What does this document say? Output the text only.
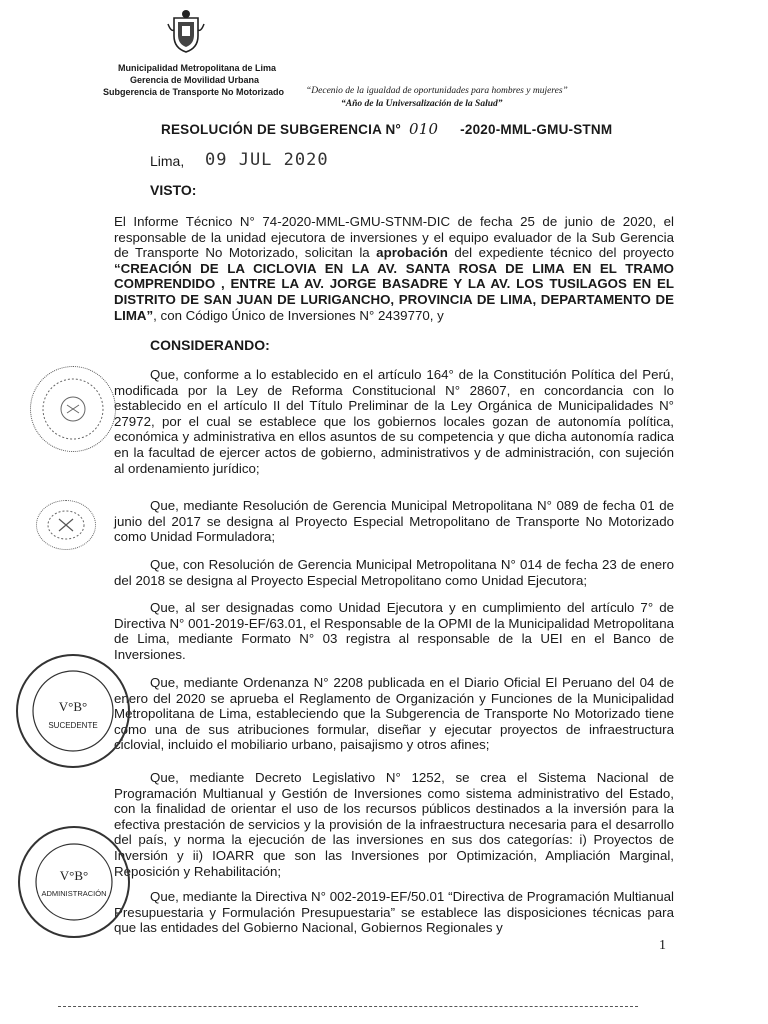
Municipalidad Metropolitana de Lima
Gerencia de Movilidad Urbana
Subgerencia de Transporte No Motorizado “Decenio de la igualdad de oportunidades para hombres y mujeres”
“Año de la Universalización de la Salud”
RESOLUCIÓN DE SUBGERENCIA N° 010 -2020-MML-GMU-STNM
Lima, 09 JUL 2020
VISTO:
El Informe Técnico N° 74-2020-MML-GMU-STNM-DIC de fecha 25 de junio de 2020, el responsable de la unidad ejecutora de inversiones y el equipo evaluador de la Sub Gerencia de Transporte No Motorizado, solicitan la aprobación del expediente técnico del proyecto “CREACIÓN DE LA CICLOVIA EN LA AV. SANTA ROSA DE LIMA EN EL TRAMO COMPRENDIDO , ENTRE LA AV. JORGE BASADRE Y LA AV. LOS TUSILAGOS EN EL DISTRITO DE SAN JUAN DE LURIGANCHO, PROVINCIA DE LIMA, DEPARTAMENTO DE LIMA”, con Código Único de Inversiones N° 2439770, y
CONSIDERANDO:
Que, conforme a lo establecido en el artículo 164° de la Constitución Política del Perú, modificada por la Ley de Reforma Constitucional N° 28607, en concordancia con lo establecido en el artículo II del Título Preliminar de la Ley Orgánica de Municipalidades N° 27972, por el cual se establece que los gobiernos locales gozan de autonomía política, económica y administrativa en ellos asuntos de su competencia y que dicha autonomía radica en la facultad de ejercer actos de gobierno, administrativos y de administración, con sujeción al ordenamiento jurídico;
Que, mediante Resolución de Gerencia Municipal Metropolitana N° 089 de fecha 01 de junio del 2017 se designa al Proyecto Especial Metropolitano de Transporte No Motorizado como Unidad Formuladora;
Que, con Resolución de Gerencia Municipal Metropolitana N° 014 de fecha 23 de enero del 2018 se designa al Proyecto Especial Metropolitano como Unidad Ejecutora;
Que, al ser designadas como Unidad Ejecutora y en cumplimiento del artículo 7° de Directiva N° 001-2019-EF/63.01, el Responsable de la OPMI de la Municipalidad Metropolitana de Lima, mediante Formato N° 03 registra al responsable de la UEI en el Banco de Inversiones.
Que, mediante Ordenanza N° 2208 publicada en el Diario Oficial El Peruano del 04 de enero del 2020 se aprueba el Reglamento de Organización y Funciones de la Municipalidad Metropolitana de Lima, estableciendo que la Subgerencia de Transporte No Motorizado tiene como una de sus atribuciones formular, diseñar y ejecutar proyectos de infraestructura ciclovial, incluido el mobiliario urbano, paisajismo y otros afines;
Que, mediante Decreto Legislativo N° 1252, se crea el Sistema Nacional de Programación Multianual y Gestión de Inversiones como sistema administrativo del Estado, con la finalidad de orientar el uso de los recursos públicos destinados a la inversión para la efectiva prestación de servicios y la provisión de la infraestructura necesaria para el desarrollo del país, y norma la ejecución de las inversiones en sus dos categorías: i) Proyectos de Inversión y ii) IOARR que son las Inversiones por Optimización, Ampliación Marginal, Reposición y Rehabilitación;
Que, mediante la Directiva N° 002-2019-EF/50.01 “Directiva de Programación Multianual Presupuestaria y Formulación Presupuestaria” se establece las disposiciones técnicas para que las entidades del Gobierno Nacional, Gobiernos Regionales y
V°B°
SUCEDENTE
V°B°
ADMINISTRACIÓN
1
